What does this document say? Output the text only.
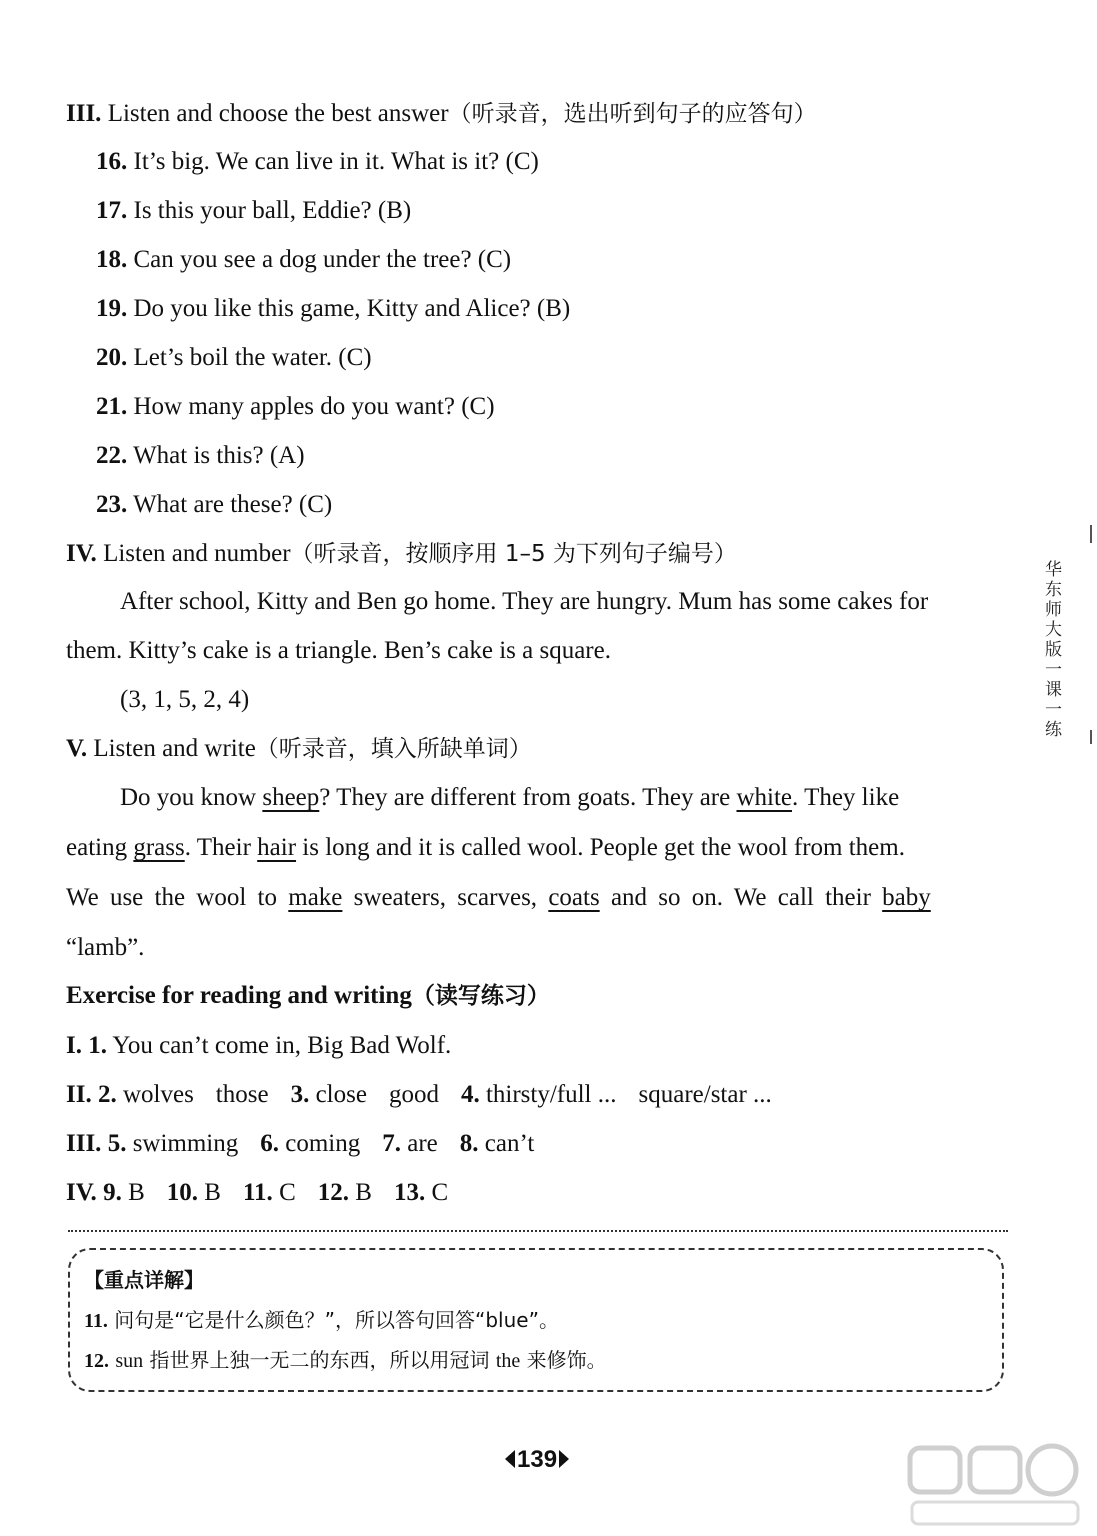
III. Listen and choose the best answer（听录音，选出听到句子的应答句）
16. It’s big. We can live in it. What is it? (C)
17. Is this your ball, Eddie? (B)
18. Can you see a dog under the tree? (C)
19. Do you like this game, Kitty and Alice? (B)
20. Let’s boil the water. (C)
21. How many apples do you want? (C)
22. What is this? (A)
23. What are these? (C)
IV. Listen and number（听录音，按顺序用 1–5 为下列句子编号）
After school, Kitty and Ben go home. They are hungry. Mum has some cakes for
them. Kitty’s cake is a triangle. Ben’s cake is a square.
(3, 1, 5, 2, 4)
V. Listen and write（听录音，填入所缺单词）
Do you know sheep? They are different from goats. They are white. They like
eating grass. Their hair is long and it is called wool. People get the wool from them.
We use the wool to make sweaters, scarves, coats and so on. We call their baby
“lamb”.
Exercise for reading and writing（读写练习）
I. 1. You can’t come in, Big Bad Wolf.
II. 2. wolves those 3. close good 4. thirsty/full ... square/star ...
III. 5. swimming 6. coming 7. are 8. can’t
IV. 9. B 10. B 11. C 12. B 13. C
【重点详解】
11. 问句是“它是什么颜色？”，所以答句回答“blue”。
12. sun 指世界上独一无二的东西，所以用冠词 the 来修饰。
华东师大版一课一练
139
